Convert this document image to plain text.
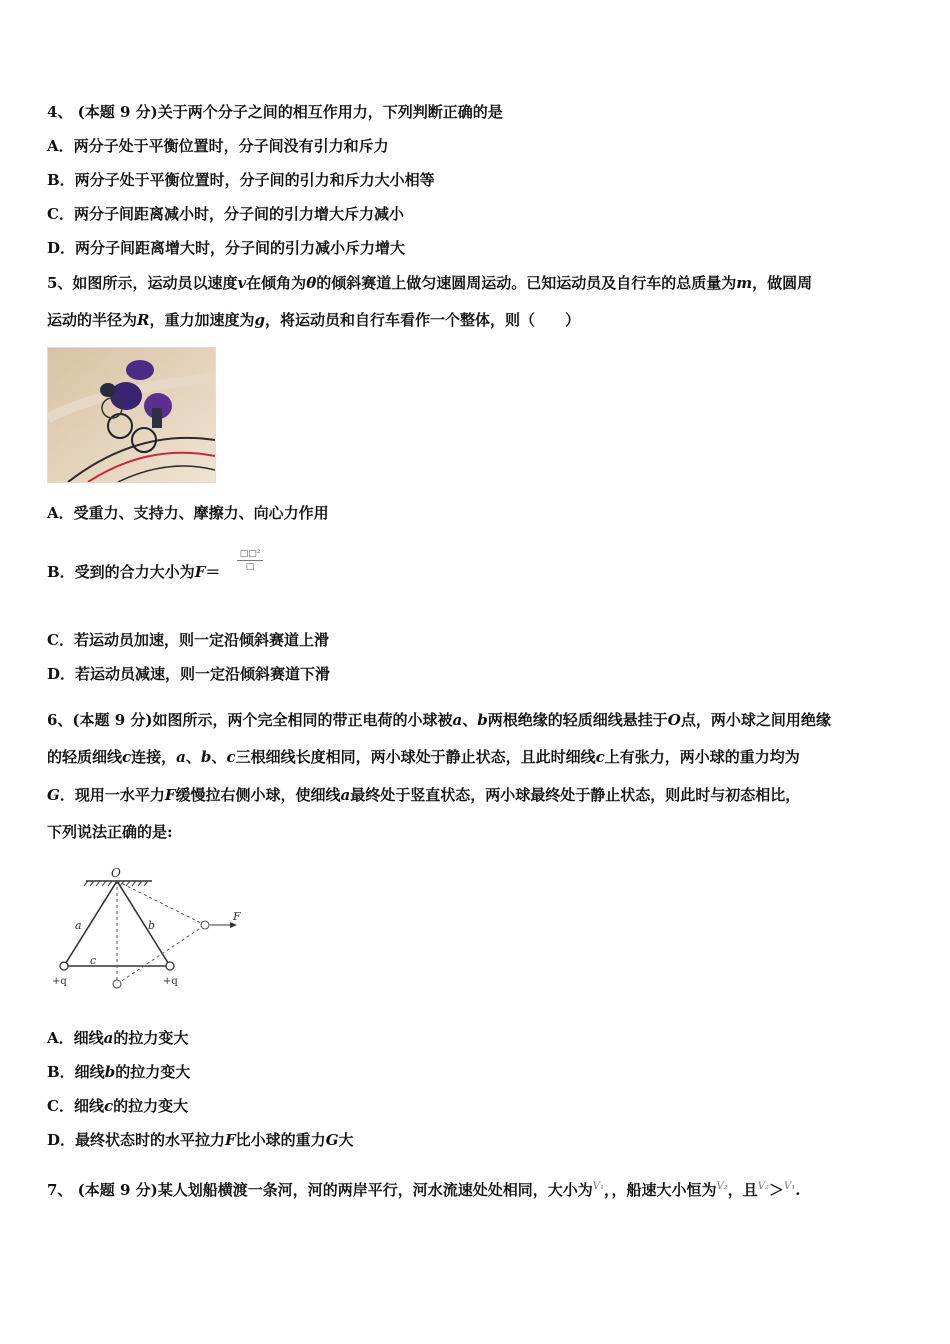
4、 (本题 9 分)关于两个分子之间的相互作用力，下列判断正确的是
A．两分子处于平衡位置时，分子间没有引力和斥力
B．两分子处于平衡位置时，分子间的引力和斥力大小相等
C．两分子间距离减小时，分子间的引力增大斥力减小
D．两分子间距离增大时，分子间的引力减小斥力增大
5、如图所示，运动员以速度v在倾角为θ的倾斜赛道上做匀速圆周运动。已知运动员及自行车的总质量为m，做圆周
运动的半径为R，重力加速度为g，将运动员和自行车看作一个整体，则（　　）
A．受重力、支持力、摩擦力、向心力作用
B．受到的合力大小为F＝
□□²
□
C．若运动员加速，则一定沿倾斜赛道上滑
D．若运动员减速，则一定沿倾斜赛道下滑
6、(本题 9 分)如图所示，两个完全相同的带正电荷的小球被a、b两根绝缘的轻质细线悬挂于O点，两小球之间用绝缘
的轻质细线c连接，a、b、c三根细线长度相同，两小球处于静止状态，且此时细线c上有张力，两小球的重力均为
G．现用一水平力F缓慢拉右侧小球，使细线a最终处于竖直状态，两小球最终处于静止状态，则此时与初态相比，
下列说法正确的是:
O
a	b
c
F
+q	+q
A．细线a的拉力变大
B．细线b的拉力变大
C．细线c的拉力变大
D．最终状态时的水平拉力F比小球的重力G大
7、 (本题 9 分)某人划船横渡一条河，河的两岸平行，河水流速处处相同，大小为$^{V_1}$，，船速大小恒为$^{V_2}$，且$^{V_2}$＞$^{V_1}$.
